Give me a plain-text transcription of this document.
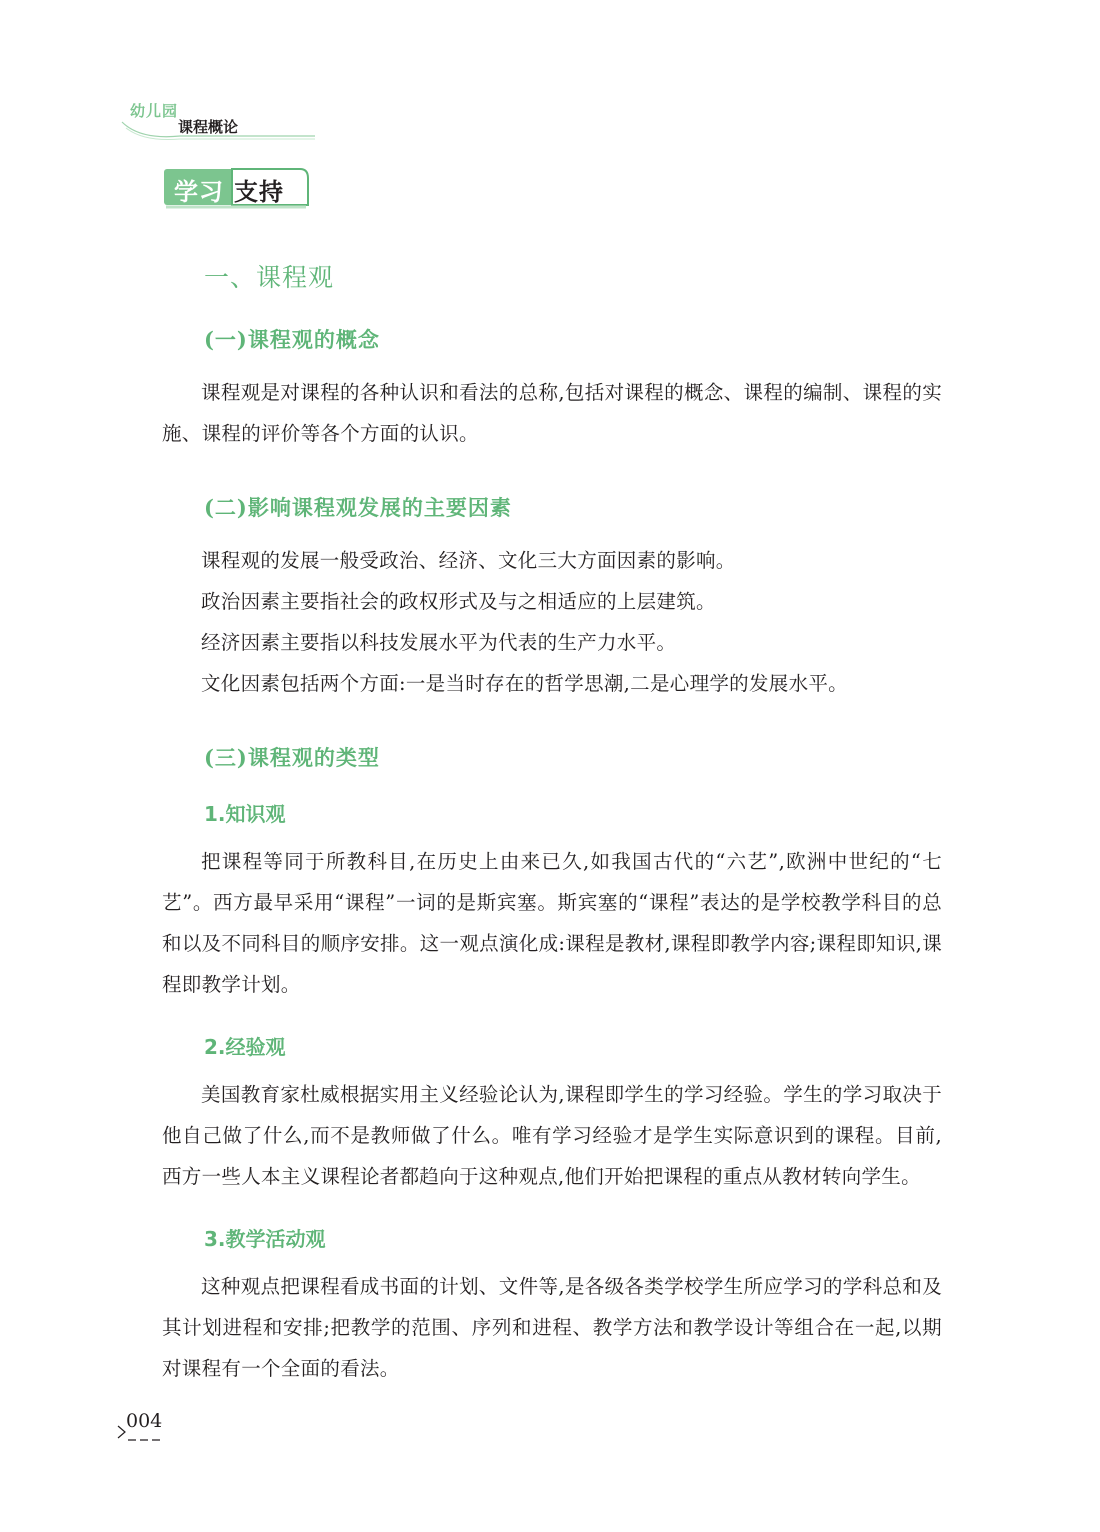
幼儿园
课程概论
学习 支持
一、课程观
(一)课程观的概念

课程观是对课程的各种认识和看法的总称,包括对课程的概念、课程的编制、课程的实施、课程的评价等各个方面的认识。

(二)影响课程观发展的主要因素

课程观的发展一般受政治、经济、文化三大方面因素的影响。

政治因素主要指社会的政权形式及与之相适应的上层建筑。

经济因素主要指以科技发展水平为代表的生产力水平。

文化因素包括两个方面:一是当时存在的哲学思潮,二是心理学的发展水平。

(三)课程观的类型
1.知识观

把课程等同于所教科目,在历史上由来已久,如我国古代的“六艺”,欧洲中世纪的“七艺”。西方最早采用“课程”一词的是斯宾塞。斯宾塞的“课程”表达的是学校教学科目的总和以及不同科目的顺序安排。这一观点演化成:课程是教材,课程即教学内容;课程即知识,课程即教学计划。

2.经验观

美国教育家杜威根据实用主义经验论认为,课程即学生的学习经验。学生的学习取决于他自己做了什么,而不是教师做了什么。唯有学习经验才是学生实际意识到的课程。目前,西方一些人本主义课程论者都趋向于这种观点,他们开始把课程的重点从教材转向学生。

3.教学活动观

这种观点把课程看成书面的计划、文件等,是各级各类学校学生所应学习的学科总和及其计划进程和安排;把教学的范围、序列和进程、教学方法和教学设计等组合在一起,以期对课程有一个全面的看法。

004
